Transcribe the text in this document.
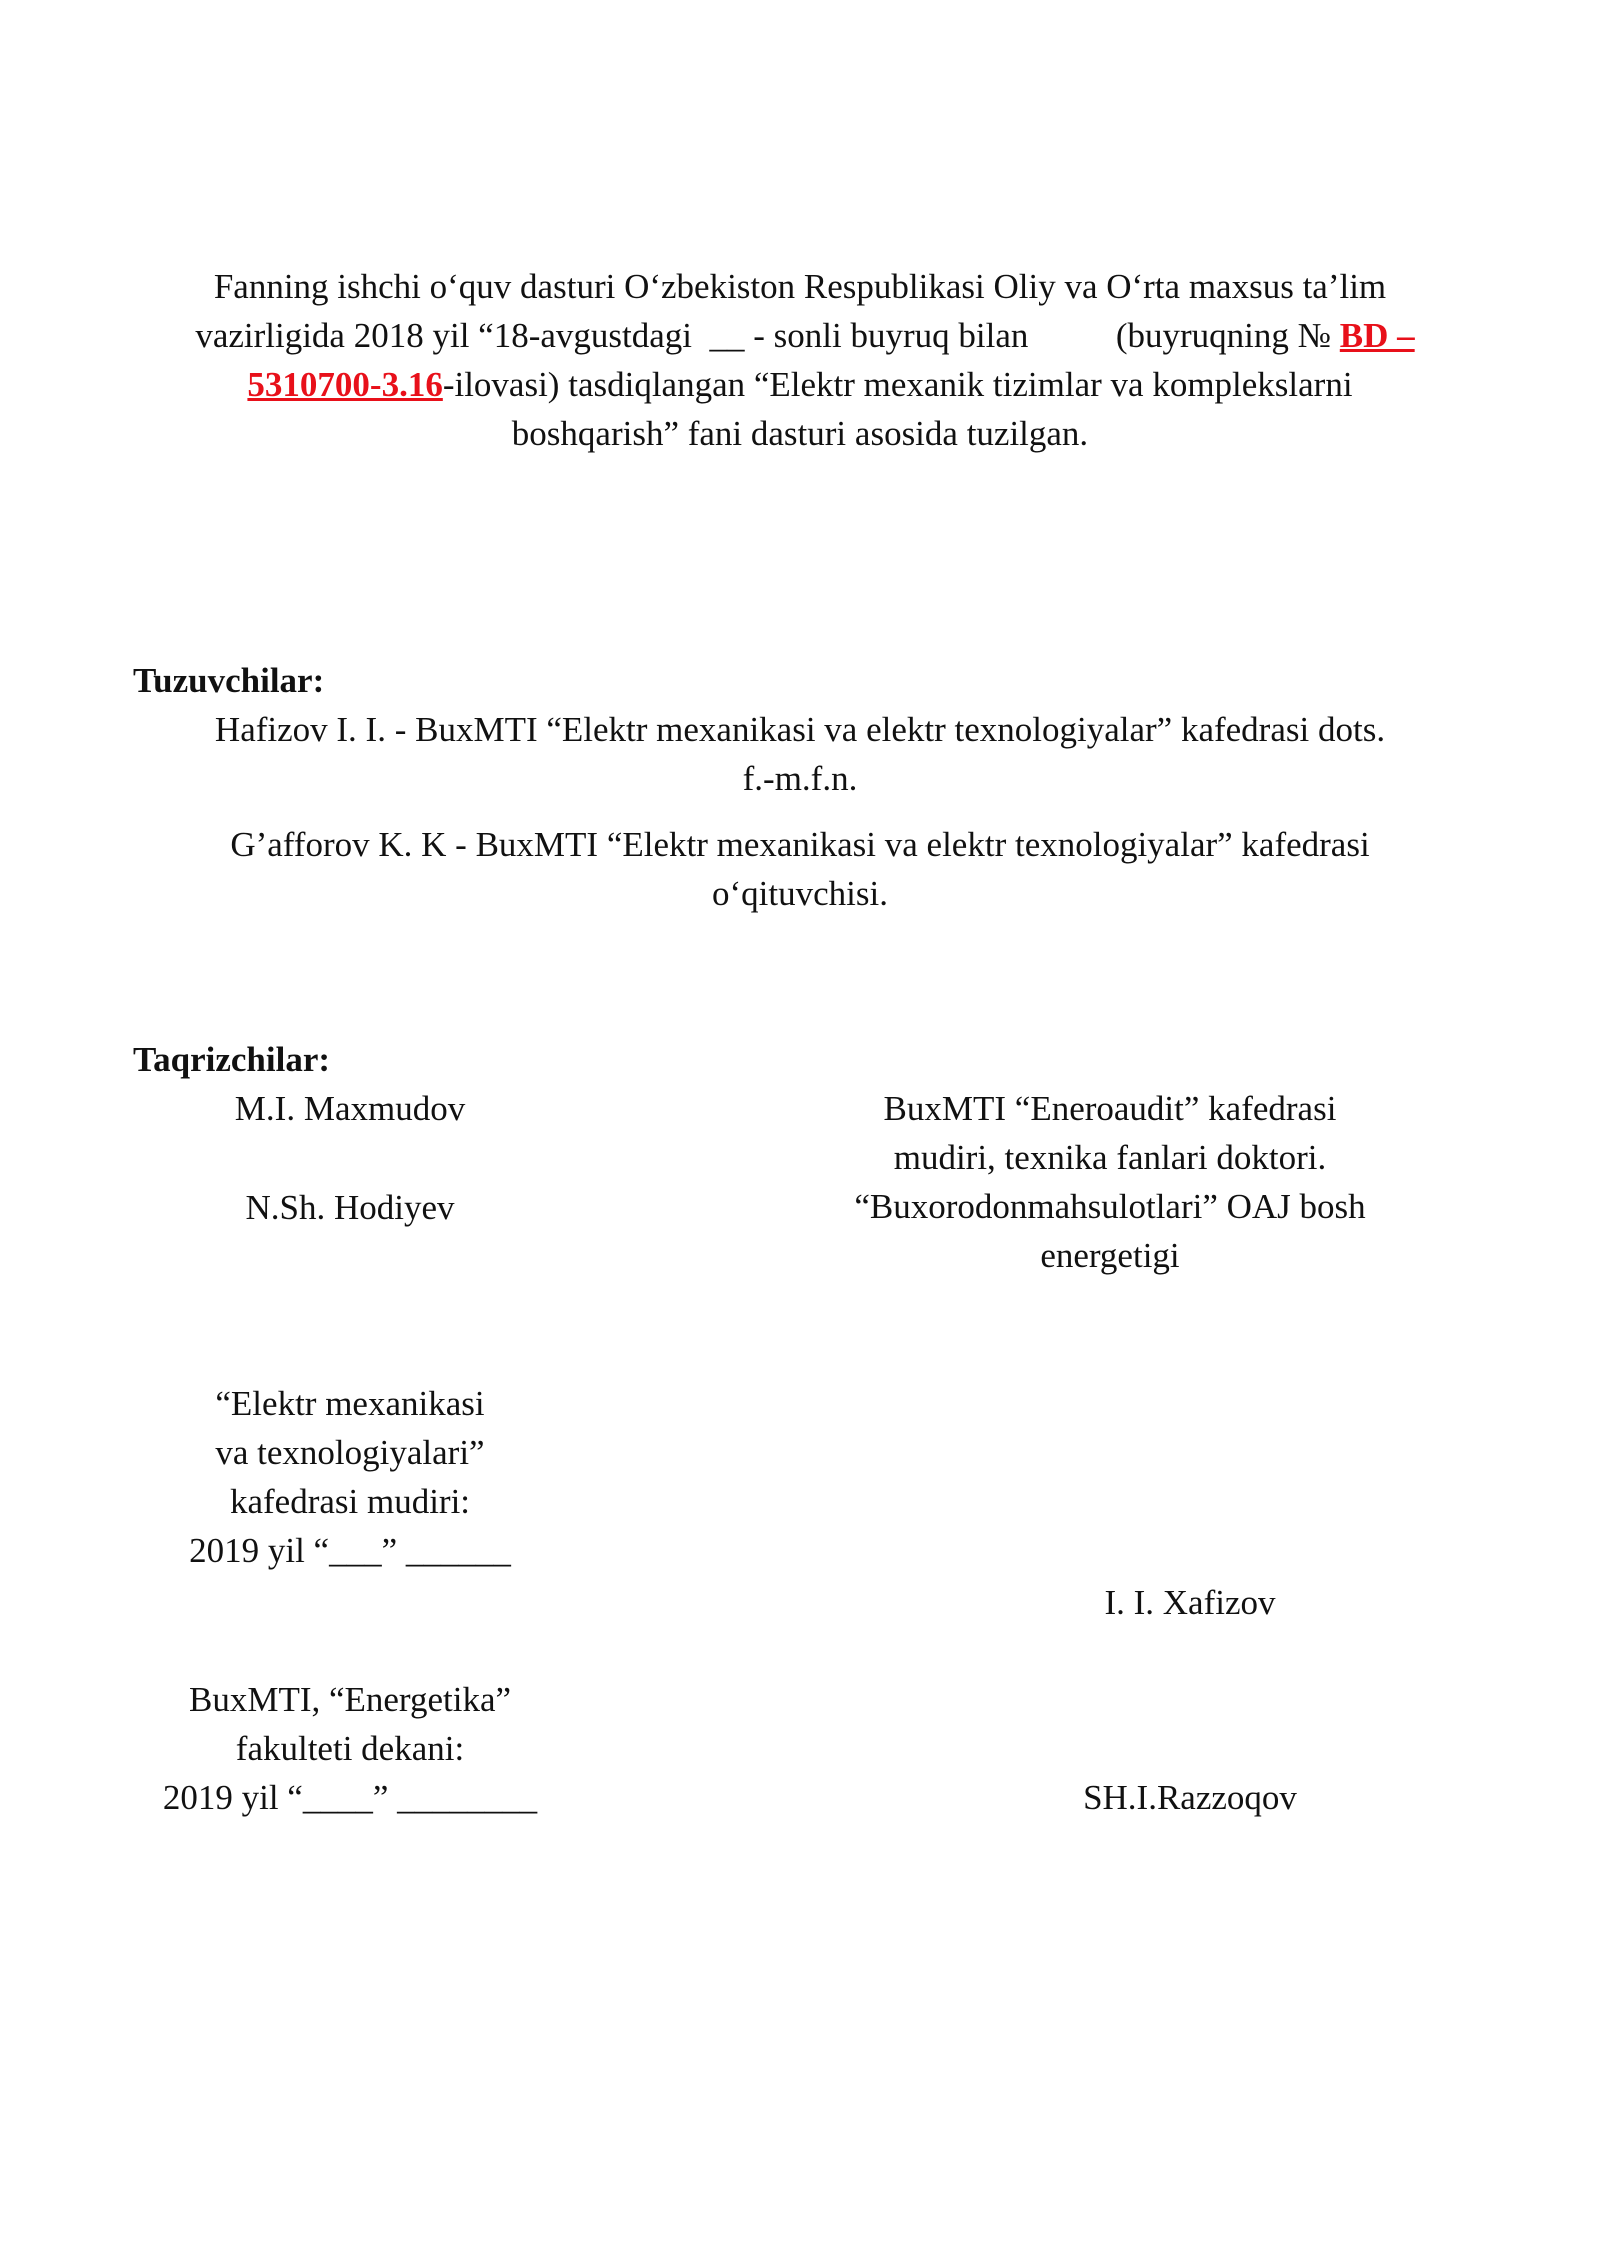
Fanning ishchi o‘quv dasturi O‘zbekiston Respublikasi Oliy va O‘rta maxsus ta’lim
vazirligida 2018 yil “18-avgustdagi  __ - sonli buyruq bilan          (buyruqning № BD –
5310700-3.16-ilovasi) tasdiqlangan “Elektr mexanik tizimlar va komplekslarni
boshqarish” fani dasturi asosida tuzilgan.
Tuzuvchilar:
Hafizov I. I. - BuxMTI “Elektr mexanikasi va elektr texnologiyalar” kafedrasi dots.
f.-m.f.n.
G’afforov K. K - BuxMTI “Elektr mexanikasi va elektr texnologiyalar” kafedrasi
o‘qituvchisi.
Taqrizchilar:
M.I. Maxmudov
N.Sh. Hodiyev
BuxMTI “Eneroaudit” kafedrasi
mudiri, texnika fanlari doktori.
“Buxorodonmahsulotlari” OAJ bosh
energetigi
“Elektr mexanikasi
va texnologiyalari”
kafedrasi mudiri:
2019 yil “___” ______
I. I. Xafizov
BuxMTI, “Energetika”
fakulteti dekani:
2019 yil “____” ________	SH.I.Razzoqov
